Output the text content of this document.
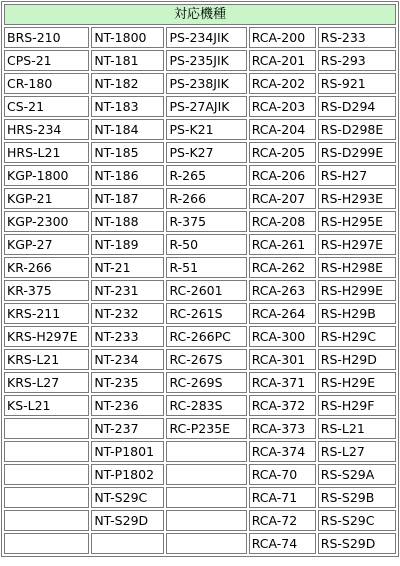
対応機種				
BRS-210	NT-1800	PS-234JIK	RCA-200	RS-233
CPS-21	NT-181	PS-235JIK	RCA-201	RS-293
CR-180	NT-182	PS-238JIK	RCA-202	RS-921
CS-21	NT-183	PS-27AJIK	RCA-203	RS-D294
HRS-234	NT-184	PS-K21	RCA-204	RS-D298E
HRS-L21	NT-185	PS-K27	RCA-205	RS-D299E
KGP-1800	NT-186	R-265	RCA-206	RS-H27
KGP-21	NT-187	R-266	RCA-207	RS-H293E
KGP-2300	NT-188	R-375	RCA-208	RS-H295E
KGP-27	NT-189	R-50	RCA-261	RS-H297E
KR-266	NT-21	R-51	RCA-262	RS-H298E
KR-375	NT-231	RC-2601	RCA-263	RS-H299E
KRS-211	NT-232	RC-261S	RCA-264	RS-H29B
KRS-H297E	NT-233	RC-266PC	RCA-300	RS-H29C
KRS-L21	NT-234	RC-267S	RCA-301	RS-H29D
KRS-L27	NT-235	RC-269S	RCA-371	RS-H29E
KS-L21	NT-236	RC-283S	RCA-372	RS-H29F
	NT-237	RC-P235E	RCA-373	RS-L21
	NT-P1801		RCA-374	RS-L27
	NT-P1802		RCA-70	RS-S29A
	NT-S29C		RCA-71	RS-S29B
	NT-S29D		RCA-72	RS-S29C
			RCA-74	RS-S29D
